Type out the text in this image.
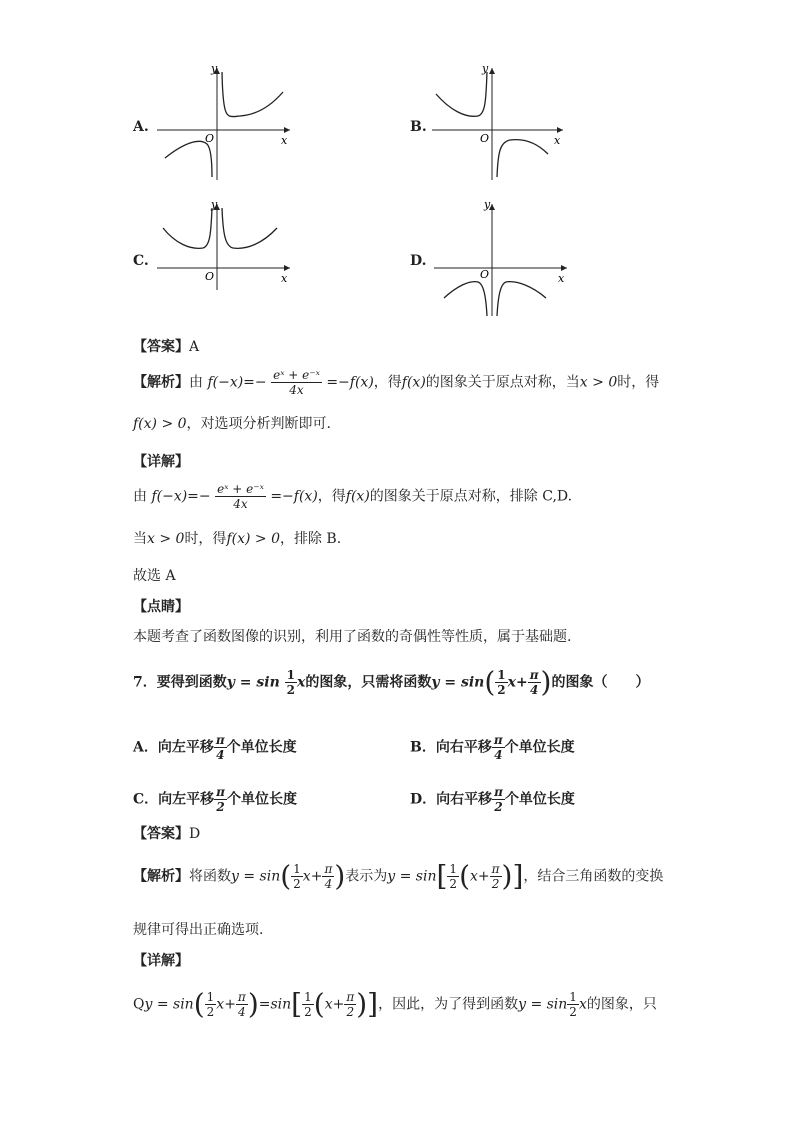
A.
y
x
O
B.
y
x
O
C.
y
x
O
D.
y
x
O
【答案】A
【解析】由 $f(-x)=- \frac{\text{eˣ + e⁻ˣ}}{4x} =-f(x)$，得f(x)的图象关于原点对称，当x > 0时，得
f(x) > 0，对选项分析判断即可.
【详解】
由 $f(-x)=- \frac{\text{eˣ + e⁻ˣ}}{4x} =-f(x)$，得f(x)的图象关于原点对称，排除 C,D.
当x > 0时，得f(x) > 0，排除 B.
故选 A
【点睛】
本题考查了函数图像的识别，利用了函数的奇偶性等性质，属于基础题.
7．要得到函数$y = \sin \frac{1}{2}$ x的图象，只需将函数$y = \sin( \frac{1}{2} x+ \frac{\pi}{4}$ )的图象（　　）
A．向左平移 $\frac{\pi}{4}$ 个单位长度	B．向右平移 $\frac{\pi}{4}$ 个单位长度
C．向左平移 $\frac{\pi}{2}$ 个单位长度	D．向右平移 $\frac{\pi}{2}$ 个单位长度
【答案】D
【解析】将函数$y = \sin( \frac{1}{2} x+ \frac{\pi}{4}$ )表示为$y = \sin[ \frac{1}{2} (x+ \frac{\pi}{2}$ )]，结合三角函数的变换
规律可得出正确选项.
【详解】
$Qy = \sin( \frac{1}{2} x+ \frac{\pi}{4} )=\sin[ \frac{1}{2} (x+ \frac{\pi}{2}$ )]，因此，为了得到函数$y = \sin \frac{1}{2}$ x的图象，只
